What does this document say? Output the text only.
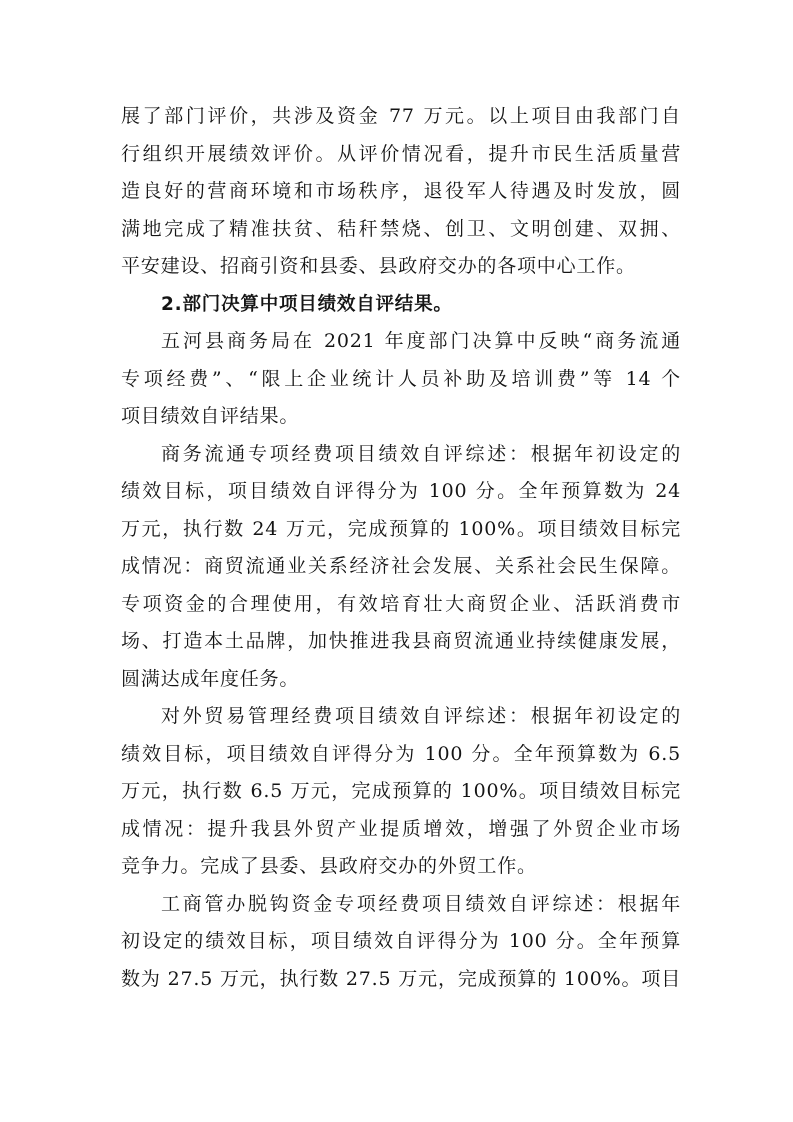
展了部门评价，共涉及资金 77 万元。以上项目由我部门自
行组织开展绩效评价。从评价情况看，提升市民生活质量营
造良好的营商环境和市场秩序，退役军人待遇及时发放，圆
满地完成了精准扶贫、秸秆禁烧、创卫、文明创建、双拥、
平安建设、招商引资和县委、县政府交办的各项中心工作。
2.部门决算中项目绩效自评结果。
五河县商务局在 2021 年度部门决算中反映“商务流通
专项经费”、“限上企业统计人员补助及培训费”等 14 个
项目绩效自评结果。
商务流通专项经费项目绩效自评综述：根据年初设定的
绩效目标，项目绩效自评得分为 100 分。全年预算数为 24
万元，执行数 24 万元，完成预算的 100%。项目绩效目标完
成情况：商贸流通业关系经济社会发展、关系社会民生保障。
专项资金的合理使用，有效培育壮大商贸企业、活跃消费市
场、打造本土品牌，加快推进我县商贸流通业持续健康发展，
圆满达成年度任务。
对外贸易管理经费项目绩效自评综述：根据年初设定的
绩效目标，项目绩效自评得分为 100 分。全年预算数为 6.5
万元，执行数 6.5 万元，完成预算的 100%。项目绩效目标完
成情况：提升我县外贸产业提质增效，增强了外贸企业市场
竞争力。完成了县委、县政府交办的外贸工作。
工商管办脱钩资金专项经费项目绩效自评综述：根据年
初设定的绩效目标，项目绩效自评得分为 100 分。全年预算
数为 27.5 万元，执行数 27.5 万元，完成预算的 100%。项目
